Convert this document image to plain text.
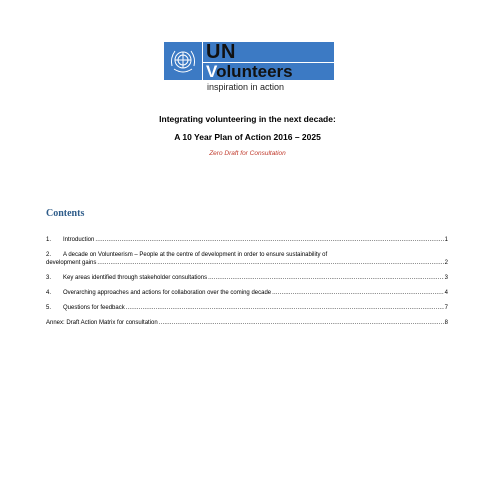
UN
Volunteers
inspiration in action
Integrating volunteering in the next decade:
A 10 Year Plan of Action 2016 – 2025
Zero Draft for Consultation
Contents
1.	Introduction .....	1
2.	A decade on Volunteerism – People at the centre of development in order to ensure sustainability of
development gains .....	2
3.	Key areas identified through stakeholder consultations .....	3
4.	Overarching approaches and actions for collaboration over the coming decade .....	4
5.	Questions for feedback .....	7
Annex: Draft Action Matrix for consultation .....	8
